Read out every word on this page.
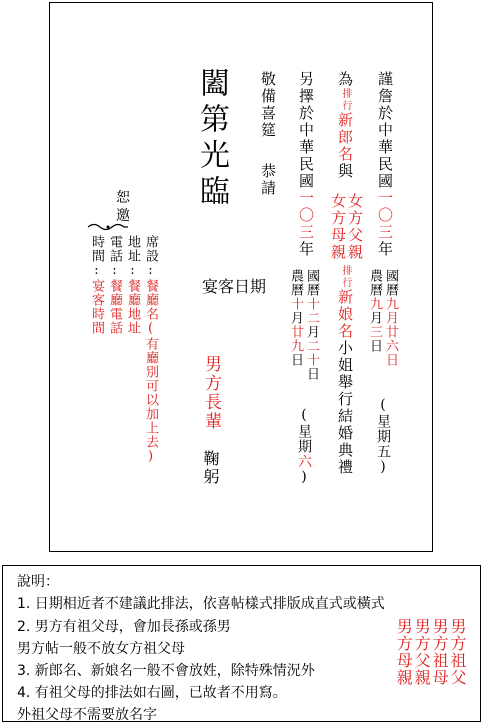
謹詹於中華民國一〇三年
國曆九月廿六日
農曆九月三日
(星期五)
為排行新郎名與
女方父親
女方母親
排行新娘名小姐舉行結婚典禮
另擇於中華民國一〇三年
國曆十二月二十日
農曆十月廿九日
(星期六)
敬備喜筵
恭請
闔第光臨
宴客日期
男方長輩
鞠躬
恕
邀
席設:餐廳名(有廳別可以加上去)
地址:餐廳地址
電話:餐廳電話
時間:宴客時間
說明：
1. 日期相近者不建議此排法，依喜帖樣式排版成直式或橫式
2. 男方有祖父母，會加長孫或孫男
男方帖一般不放女方祖父母
3. 新郎名、新娘名一般不會放姓，除特殊情況外
4. 有祖父母的排法如右圖，已故者不用寫。
外祖父母不需要放名字
男方祖父
男方祖母
男方父親
男方母親
